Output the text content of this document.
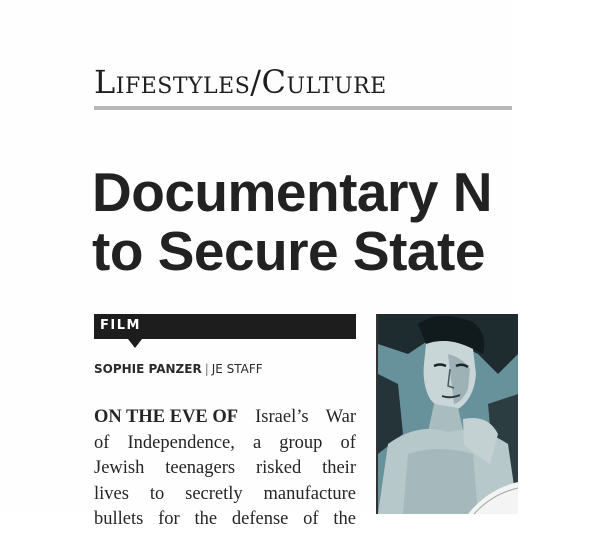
Lifestyles/Culture
Documentary N
to Secure State
FILM
SOPHIE PANZER | JE STAFF
ON THE EVE OF Israel’s War
of Independence, a group of
Jewish teenagers risked their
lives to secretly manufacture
bullets for the defense of the
